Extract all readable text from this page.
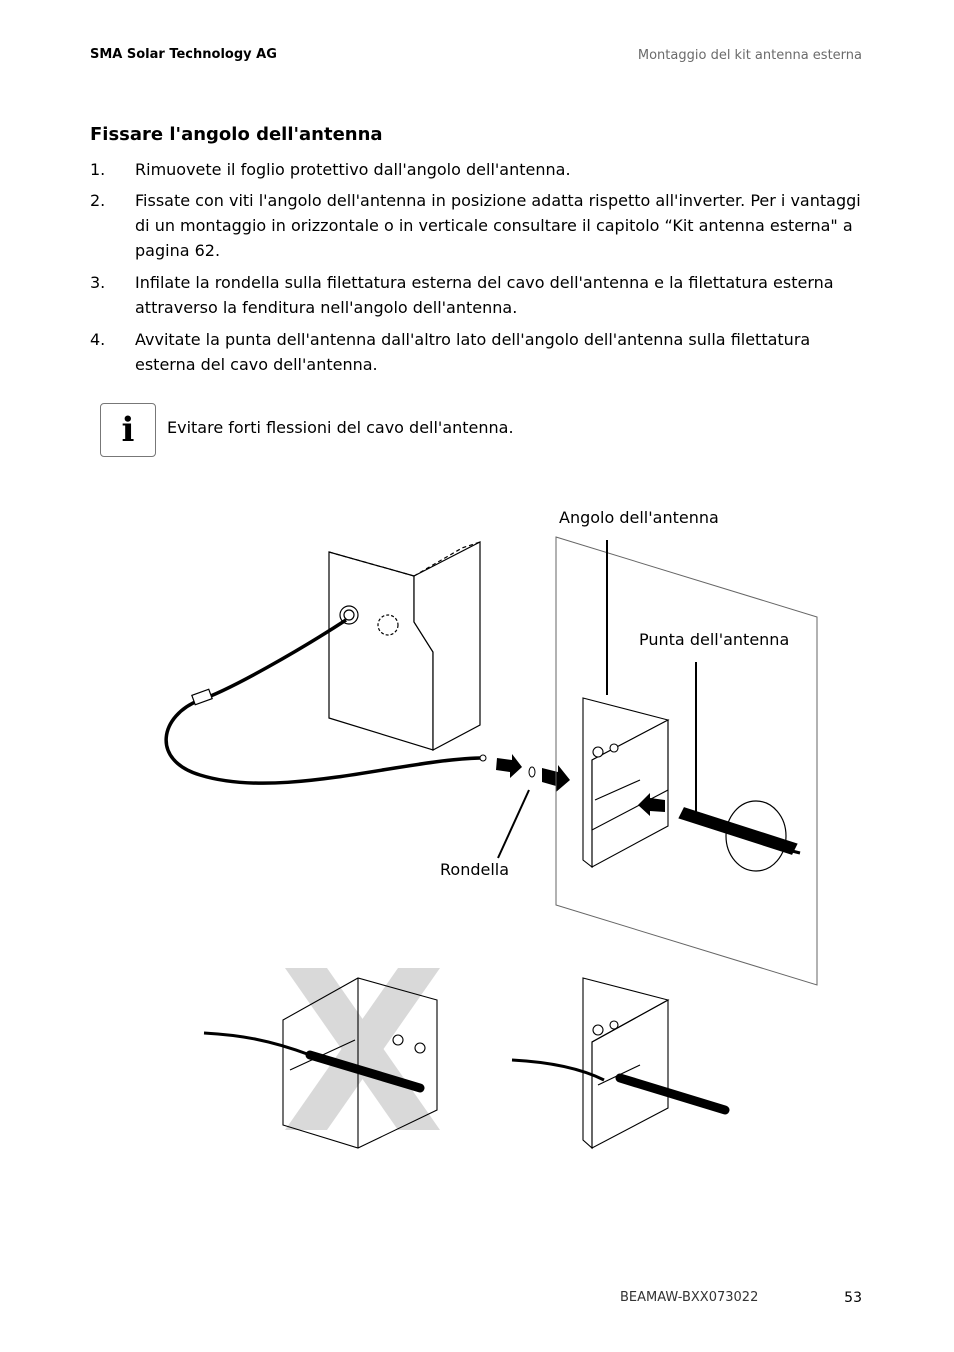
SMA Solar Technology AG	Montaggio del kit antenna esterna
Fissare l'angolo dell'antenna
1. Rimuovete il foglio protettivo dall'angolo dell'antenna.
2. Fissate con viti l'angolo dell'antenna in posizione adatta rispetto all'inverter. Per i vantaggi di un montaggio in orizzontale o in verticale consultare il capitolo “Kit antenna esterna" a pagina 62.
3. Infilate la rondella sulla filettatura esterna del cavo dell'antenna e la filettatura esterna attraverso la fenditura nell'angolo dell'antenna.
4. Avvitate la punta dell'antenna dall'altro lato dell'angolo dell'antenna sulla filettatura esterna del cavo dell'antenna.
i Evitare forti flessioni del cavo dell'antenna.
Angolo dell'antenna
Punta dell'antenna
Rondella
BEAMAW-BXX073022	53
